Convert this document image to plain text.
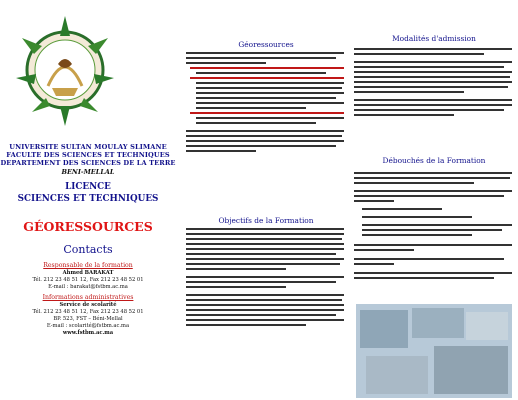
UNIVERSITE SULTAN MOULAY SLIMANE
FACULTE DES SCIENCES ET TECHNIQUES
DEPARTEMENT DES SCIENCES DE LA TERRE
BENI-MELLAL
LICENCE
SCIENCES ET TECHNIQUES
GÉORESSOURCES
Contacts
Responsable de la formation
Ahmed BARAKAT
Tél. 212 23 48 51 12, Fax 212 23 48 52 01
E-mail : barakat@fstbm.ac.ma
Informations administratives
Service de scolarité
Tél. 212 23 48 51 12, Fax 212 23 48 52 01
BP. 523, FST – Béni-Mellal
E-mail : scolarité@fstbm.ac.ma
www.fstbm.ac.ma
Géoressources
Objectifs de la Formation
Modalités d'admission
Débouchés de la Formation
